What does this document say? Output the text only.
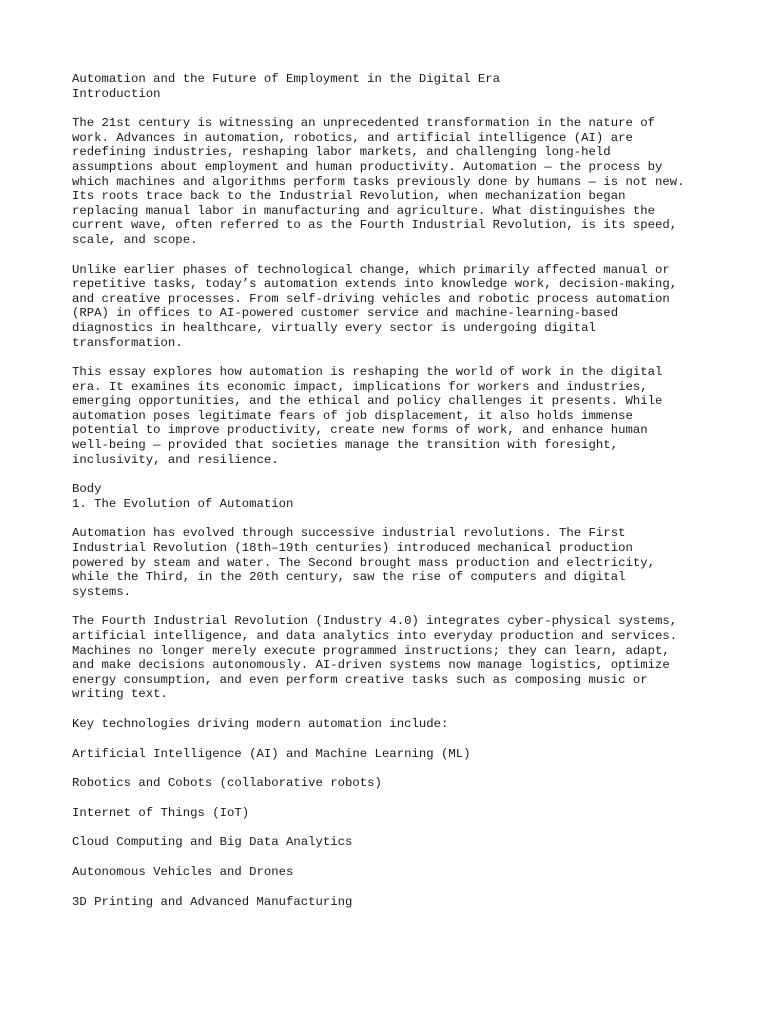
Automation and the Future of Employment in the Digital Era
Introduction
The 21st century is witnessing an unprecedented transformation in the nature of
work. Advances in automation, robotics, and artificial intelligence (AI) are
redefining industries, reshaping labor markets, and challenging long-held
assumptions about employment and human productivity. Automation — the process by
which machines and algorithms perform tasks previously done by humans — is not new.
Its roots trace back to the Industrial Revolution, when mechanization began
replacing manual labor in manufacturing and agriculture. What distinguishes the
current wave, often referred to as the Fourth Industrial Revolution, is its speed,
scale, and scope.
Unlike earlier phases of technological change, which primarily affected manual or
repetitive tasks, today’s automation extends into knowledge work, decision-making,
and creative processes. From self-driving vehicles and robotic process automation
(RPA) in offices to AI-powered customer service and machine-learning-based
diagnostics in healthcare, virtually every sector is undergoing digital
transformation.
This essay explores how automation is reshaping the world of work in the digital
era. It examines its economic impact, implications for workers and industries,
emerging opportunities, and the ethical and policy challenges it presents. While
automation poses legitimate fears of job displacement, it also holds immense
potential to improve productivity, create new forms of work, and enhance human
well-being — provided that societies manage the transition with foresight,
inclusivity, and resilience.
Body
1. The Evolution of Automation
Automation has evolved through successive industrial revolutions. The First
Industrial Revolution (18th–19th centuries) introduced mechanical production
powered by steam and water. The Second brought mass production and electricity,
while the Third, in the 20th century, saw the rise of computers and digital
systems.
The Fourth Industrial Revolution (Industry 4.0) integrates cyber-physical systems,
artificial intelligence, and data analytics into everyday production and services.
Machines no longer merely execute programmed instructions; they can learn, adapt,
and make decisions autonomously. AI-driven systems now manage logistics, optimize
energy consumption, and even perform creative tasks such as composing music or
writing text.
Key technologies driving modern automation include:
Artificial Intelligence (AI) and Machine Learning (ML)
Robotics and Cobots (collaborative robots)
Internet of Things (IoT)
Cloud Computing and Big Data Analytics
Autonomous Vehicles and Drones
3D Printing and Advanced Manufacturing
